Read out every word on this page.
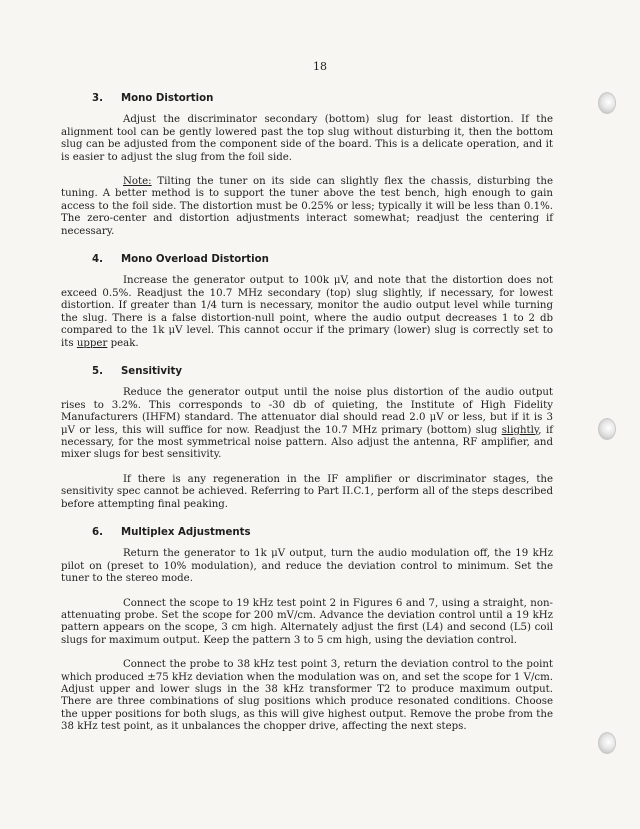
18
3. Mono Distortion

Adjust the discriminator secondary (bottom) slug for least distortion. If the alignment tool can be gently lowered past the top slug without disturbing it, then the bottom slug can be adjusted from the component side of the board. This is a delicate operation, and it is easier to adjust the slug from the foil side.

Note: Tilting the tuner on its side can slightly flex the chassis, disturbing the tuning. A better method is to support the tuner above the test bench, high enough to gain access to the foil side. The distortion must be 0.25% or less; typically it will be less than 0.1%. The zero-center and distortion adjustments interact somewhat; readjust the centering if necessary.

4. Mono Overload Distortion

Increase the generator output to 100k μV, and note that the distortion does not exceed 0.5%. Readjust the 10.7 MHz secondary (top) slug slightly, if necessary, for lowest distortion. If greater than 1/4 turn is necessary, monitor the audio output level while turning the slug. There is a false distortion-null point, where the audio output decreases 1 to 2 db compared to the 1k μV level. This cannot occur if the primary (lower) slug is correctly set to its upper peak.

5. Sensitivity

Reduce the generator output until the noise plus distortion of the audio output rises to 3.2%. This corresponds to -30 db of quieting, the Institute of High Fidelity Manufacturers (IHFM) standard. The attenuator dial should read 2.0 μV or less, but if it is 3 μV or less, this will suffice for now. Readjust the 10.7 MHz primary (bottom) slug slightly, if necessary, for the most symmetrical noise pattern. Also adjust the antenna, RF amplifier, and mixer slugs for best sensitivity.

If there is any regeneration in the IF amplifier or discriminator stages, the sensitivity spec cannot be achieved. Referring to Part II.C.1, perform all of the steps described before attempting final peaking.

6. Multiplex Adjustments

Return the generator to 1k μV output, turn the audio modulation off, the 19 kHz pilot on (preset to 10% modulation), and reduce the deviation control to minimum. Set the tuner to the stereo mode.

Connect the scope to 19 kHz test point 2 in Figures 6 and 7, using a straight, non-attenuating probe. Set the scope for 200 mV/cm. Advance the deviation control until a 19 kHz pattern appears on the scope, 3 cm high. Alternately adjust the first (L4) and second (L5) coil slugs for maximum output. Keep the pattern 3 to 5 cm high, using the deviation control.

Connect the probe to 38 kHz test point 3, return the deviation control to the point which produced ±75 kHz deviation when the modulation was on, and set the scope for 1 V/cm. Adjust upper and lower slugs in the 38 kHz transformer T2 to produce maximum output. There are three combinations of slug positions which produce resonated conditions. Choose the upper positions for both slugs, as this will give highest output. Remove the probe from the 38 kHz test point, as it unbalances the chopper drive, affecting the next steps.
